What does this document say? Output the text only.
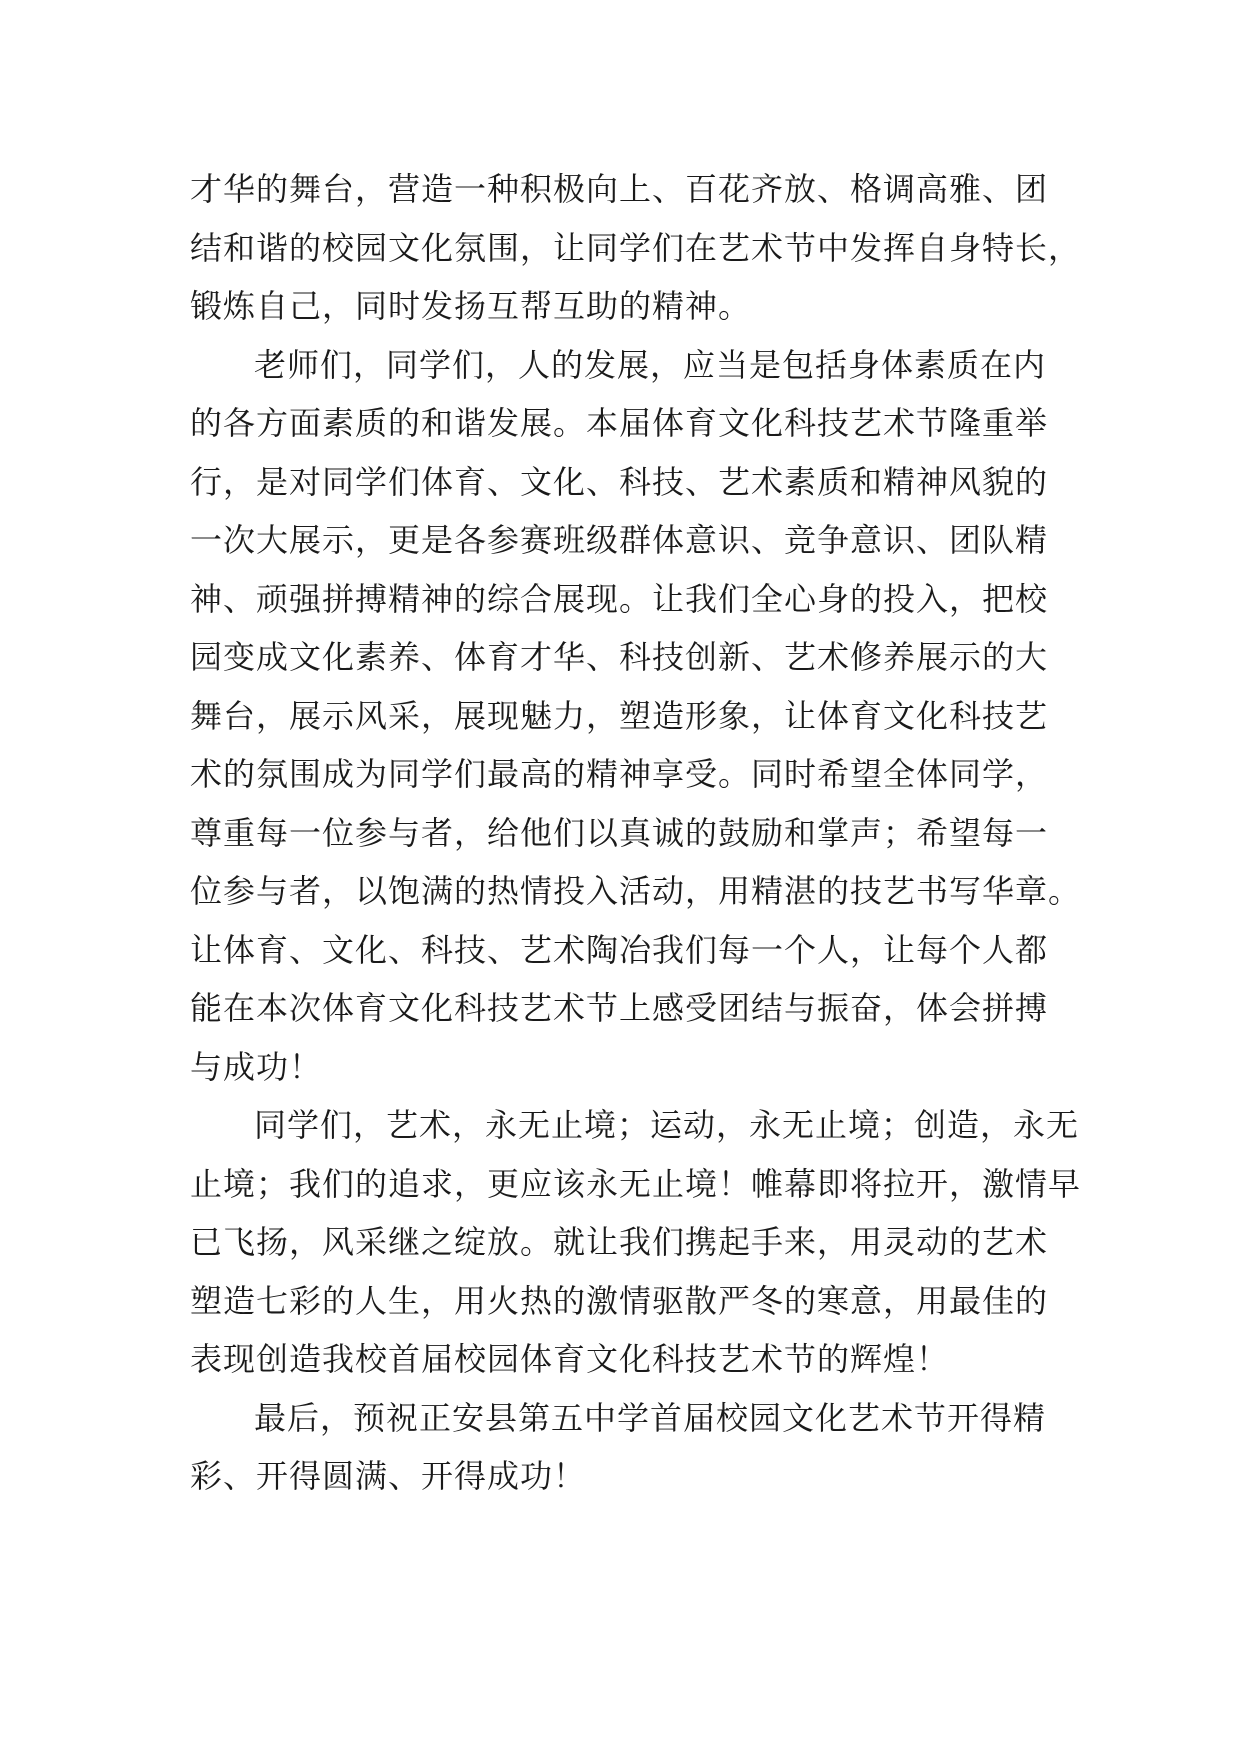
才华的舞台，营造一种积极向上、百花齐放、格调高雅、团
结和谐的校园文化氛围，让同学们在艺术节中发挥自身特长，
锻炼自己，同时发扬互帮互助的精神。
老师们，同学们，人的发展，应当是包括身体素质在内
的各方面素质的和谐发展。本届体育文化科技艺术节隆重举
行，是对同学们体育、文化、科技、艺术素质和精神风貌的
一次大展示，更是各参赛班级群体意识、竞争意识、团队精
神、顽强拼搏精神的综合展现。让我们全心身的投入，把校
园变成文化素养、体育才华、科技创新、艺术修养展示的大
舞台，展示风采，展现魅力，塑造形象，让体育文化科技艺
术的氛围成为同学们最高的精神享受。同时希望全体同学，
尊重每一位参与者，给他们以真诚的鼓励和掌声；希望每一
位参与者，以饱满的热情投入活动，用精湛的技艺书写华章。
让体育、文化、科技、艺术陶冶我们每一个人，让每个人都
能在本次体育文化科技艺术节上感受团结与振奋，体会拼搏
与成功！
同学们，艺术，永无止境；运动，永无止境；创造，永无
止境；我们的追求，更应该永无止境！帷幕即将拉开，激情早
已飞扬，风采继之绽放。就让我们携起手来，用灵动的艺术
塑造七彩的人生，用火热的激情驱散严冬的寒意，用最佳的
表现创造我校首届校园体育文化科技艺术节的辉煌！
最后，预祝正安县第五中学首届校园文化艺术节开得精
彩、开得圆满、开得成功！
